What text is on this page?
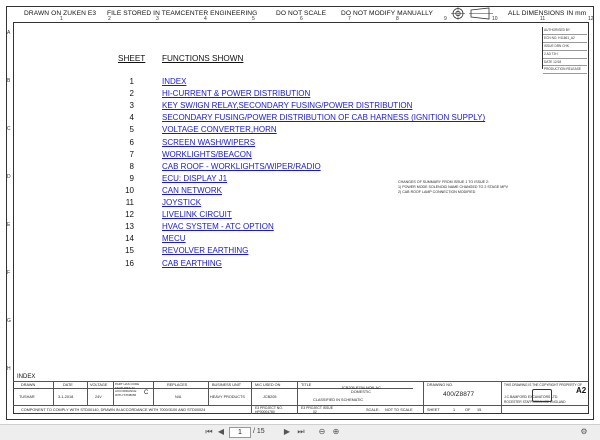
DRAWN ON ZUKEN E3 FILE STORED IN TEAMCENTER ENGINEERING	DO NOT SCALE DO NOT MODIFY MANUALLY	ALL DIMENSIONS IN mm
A
B
C
D
E
F
G
H
SHEET FUNCTIONS SHOWN
1	INDEX
2	HI-CURRENT & POWER DISTRIBUTION
3	KEY SW/IGN RELAY,SECONDARY FUSING/POWER DISTRIBUTION
4	SECONDARY FUSING/POWER DISTRIBUTION OF CAB HARNESS (IGNITION SUPPLY)
5	VOLTAGE CONVERTER,HORN
6	SCREEN WASH/WIPERS
7	WORKLIGHTS/BEACON
8	CAB ROOF - WORKLIGHTS/WIPER/RADIO
9	ECU: DISPLAY J1
10	CAN NETWORK
11	JOYSTICK
12	LIVELINK CIRCUIT
13	HVAC SYSTEM - ATC OPTION
14	MECU
15	REVOLVER EARTHING
16	CAB EARTHING
AUTHORISED BY
ECN NO. H11661_A2
ISSUE DRN CHK
2 AD TJH
DATE 12/18
PRODUCTION RELEASE
CHANGES OF SUMMARY FROM ISSUE 1 TO ISSUE 2:
1) POWER MODE SOLENOID NAME CHANGED TO 2 STAGE MPV
2) CAB ROOF LAMP CONNECTION MODIFIED
INDEX
DRAWN
TUSHAR
DATE
3-1-2018
VOLTAGE
24V
PART HAS CODE FEATURES IN ACCORDANCE WITH STD8056	C
REPLACES
N/A
BUSINESS UNIT
HEAVY PRODUCTS
M/C USED ON
JCB205
TITLE
JCB205-P794 NON-AC DOMESTIC
CLASSIFIED IN SCHEMATIC
DRAWING NO.
400/Z8877
THIS DRAWING IS THE COPYRIGHT PROPERTY OF
J.C.BAMFORD EXCAVATORS LTD.
ROCESTER STAFFORDSHIRE ENGLAND
E3 PROJECT NO.
HP00004780
E3 PROJECT ISSUE
02	SCALE: NOT TO SCALE	SHEET	1	OF 15
COMPONENT TO COMPLY WITH STD00140, DRAWN IN ACCORDANCE WITH 7000/3100 AND STD00024
A2
1	2	3	4	5	6	7	8	9	10	11	12
⏮ ◀	1	/ 15 ▶ ⏭	⊖ ⊕	⚙
